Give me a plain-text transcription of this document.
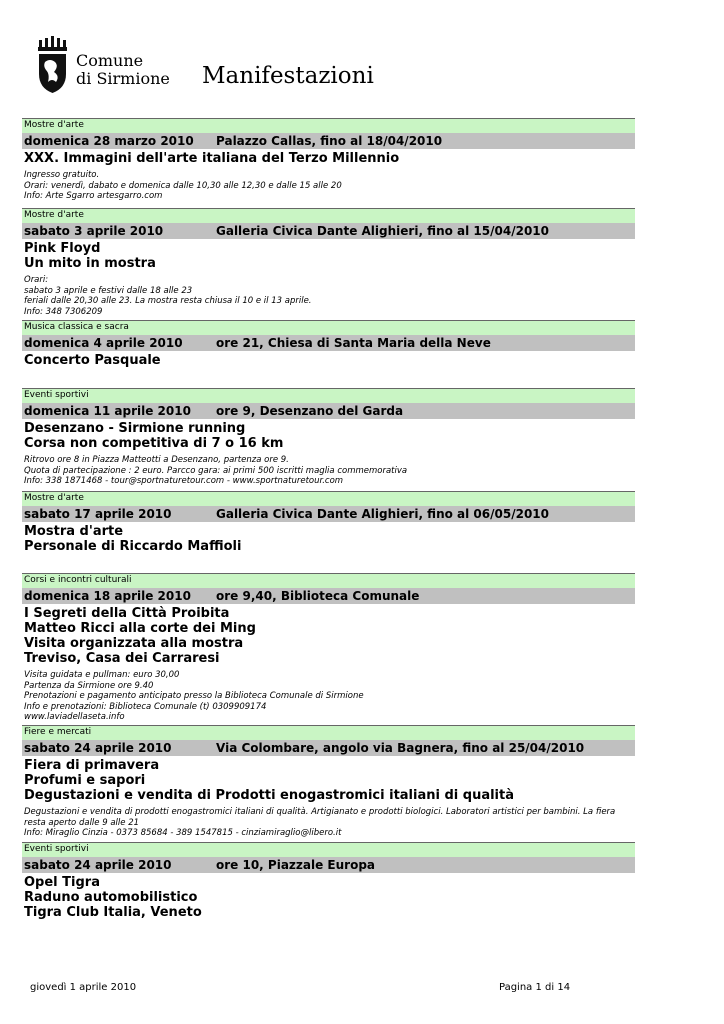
Comune
di Sirmione Manifestazioni
Mostre d'arte
domenica 28 marzo 2010 Palazzo Callas, fino al 18/04/2010
XXX. Immagini dell'arte italiana del Terzo Millennio
Ingresso gratuito.
Orari: venerdì, dabato e domenica dalle 10,30 alle 12,30 e dalle 15 alle 20
Info: Arte Sgarro artesgarro.com
Mostre d'arte
sabato 3 aprile 2010	Galleria Civica Dante Alighieri, fino al 15/04/2010
Pink Floyd
Un mito in mostra
Orari:
sabato 3 aprile e festivi dalle 18 alle 23
feriali dalle 20,30 alle 23. La mostra resta chiusa il 10 e il 13 aprile.
Info: 348 7306209
Musica classica e sacra
domenica 4 aprile 2010	ore 21, Chiesa di Santa Maria della Neve
Concerto Pasquale
Eventi sportivi
domenica 11 aprile 2010 ore 9, Desenzano del Garda
Desenzano - Sirmione running
Corsa non competitiva di 7 o 16 km
Ritrovo ore 8 in Piazza Matteotti a Desenzano, partenza ore 9.
Quota di partecipazione : 2 euro. Parcco gara: ai primi 500 iscritti maglia commemorativa
Info: 338 1871468 - tour@sportnaturetour.com - www.sportnaturetour.com
Mostre d'arte
sabato 17 aprile 2010	Galleria Civica Dante Alighieri, fino al 06/05/2010
Mostra d'arte
Personale di Riccardo Maffioli
Corsi e incontri culturali
domenica 18 aprile 2010 ore 9,40, Biblioteca Comunale
I Segreti della Città Proibita
Matteo Ricci alla corte dei Ming
Visita organizzata alla mostra
Treviso, Casa dei Carraresi
Visita guidata e pullman: euro 30,00
Partenza da Sirmione ore 9.40
Prenotazioni e pagamento anticipato presso la Biblioteca Comunale di Sirmione
Info e prenotazioni: Biblioteca Comunale (t) 0309909174
www.laviadellaseta.info
Fiere e mercati
sabato 24 aprile 2010	Via Colombare, angolo via Bagnera, fino al 25/04/2010
Fiera di primavera
Profumi e sapori
Degustazioni e vendita di Prodotti enogastromici italiani di qualità
Degustazioni e vendita di prodotti enogastromici italiani di qualità. Artigianato e prodotti biologici. Laboratori artistici per bambini. La fiera
resta aperto dalle 9 alle 21
Info: Miraglio Cinzia - 0373 85684 - 389 1547815 - cinziamiraglio@libero.it
Eventi sportivi
sabato 24 aprile 2010	ore 10, Piazzale Europa
Opel Tigra
Raduno automobilistico
Tigra Club Italia, Veneto
giovedì 1 aprile 2010	Pagina 1 di 14
